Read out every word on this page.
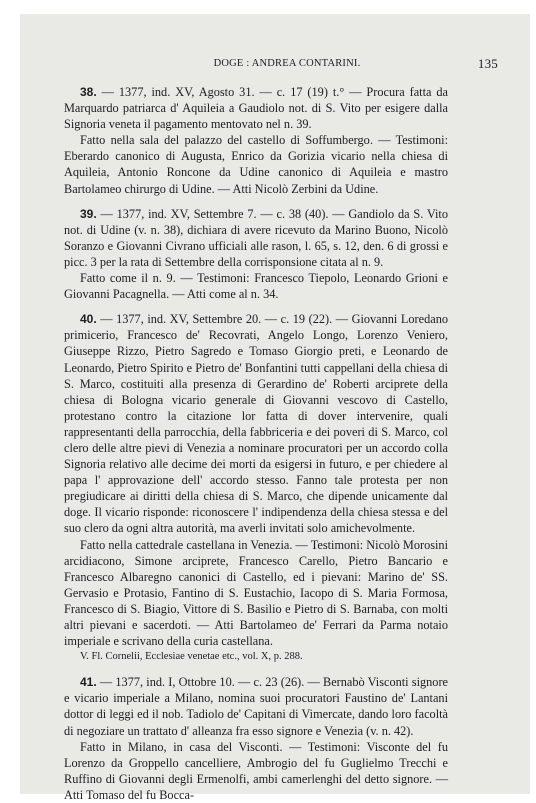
DOGE : ANDREA CONTARINI.	135

38. — 1377, ind. XV, Agosto 31. — c. 17 (19) t.° — Procura fatta da Marquardo patriarca d' Aquileia a Gaudiolo not. di S. Vito per esigere dalla Signoria veneta il pagamento mentovato nel n. 39.

Fatto nella sala del palazzo del castello di Soffumbergo. — Testimoni: Eberardo canonico di Augusta, Enrico da Gorizia vicario nella chiesa di Aquileia, Antonio Roncone da Udine canonico di Aquileia e mastro Bartolameo chirurgo di Udine. — Atti Nicolò Zerbini da Udine.

39. — 1377, ind. XV, Settembre 7. — c. 38 (40). — Gandiolo da S. Vito not. di Udine (v. n. 38), dichiara di avere ricevuto da Marino Buono, Nicolò Soranzo e Giovanni Civrano ufficiali alle rason, l. 65, s. 12, den. 6 di grossi e picc. 3 per la rata di Settembre della corrisponsione citata al n. 9.

Fatto come il n. 9. — Testimoni: Francesco Tiepolo, Leonardo Grioni e Giovanni Pacagnella. — Atti come al n. 34.

40. — 1377, ind. XV, Settembre 20. — c. 19 (22). — Giovanni Loredano primicerio, Francesco de' Recovrati, Angelo Longo, Lorenzo Veniero, Giuseppe Rizzo, Pietro Sagredo e Tomaso Giorgio preti, e Leonardo de Leonardo, Pietro Spirito e Pietro de' Bonfantini tutti cappellani della chiesa di S. Marco, costituiti alla presenza di Gerardino de' Roberti arciprete della chiesa di Bologna vicario generale di Giovanni vescovo di Castello, protestano contro la citazione lor fatta di dover intervenire, quali rappresentanti della parrocchia, della fabbriceria e dei poveri di S. Marco, col clero delle altre pievi di Venezia a nominare procuratori per un accordo colla Signoria relativo alle decime dei morti da esigersi in futuro, e per chiedere al papa l' approvazione dell' accordo stesso. Fanno tale protesta per non pregiudicare ai diritti della chiesa di S. Marco, che dipende unicamente dal doge. Il vicario risponde: riconoscere l' indipendenza della chiesa stessa e del suo clero da ogni altra autorità, ma averli invitati solo amichevolmente.

Fatto nella cattedrale castellana in Venezia. — Testimoni: Nicolò Morosini arcidiacono, Simone arciprete, Francesco Carello, Pietro Bancario e Francesco Albaregno canonici di Castello, ed i pievani: Marino de' SS. Gervasio e Protasio, Fantino di S. Eustachio, Iacopo di S. Maria Formosa, Francesco di S. Biagio, Vittore di S. Basilio e Pietro di S. Barnaba, con molti altri pievani e sacerdoti. — Atti Bartolameo de' Ferrari da Parma notaio imperiale e scrivano della curia castellana.

V. Fl. Cornelii, Ecclesiae venetae etc., vol. X, p. 288.

41. — 1377, ind. I, Ottobre 10. — c. 23 (26). — Bernabò Visconti signore e vicario imperiale a Milano, nomina suoi procuratori Faustino de' Lantani dottor di leggi ed il nob. Tadiolo de' Capitani di Vimercate, dando loro facoltà di negoziare un trattato d' alleanza fra esso signore e Venezia (v. n. 42).

Fatto in Milano, in casa del Visconti. — Testimoni: Visconte del fu Lorenzo da Groppello cancelliere, Ambrogio del fu Guglielmo Trecchi e Ruffino di Giovanni degli Ermenolfi, ambi camerlenghi del detto signore. — Atti Tomaso del fu Bocca-
